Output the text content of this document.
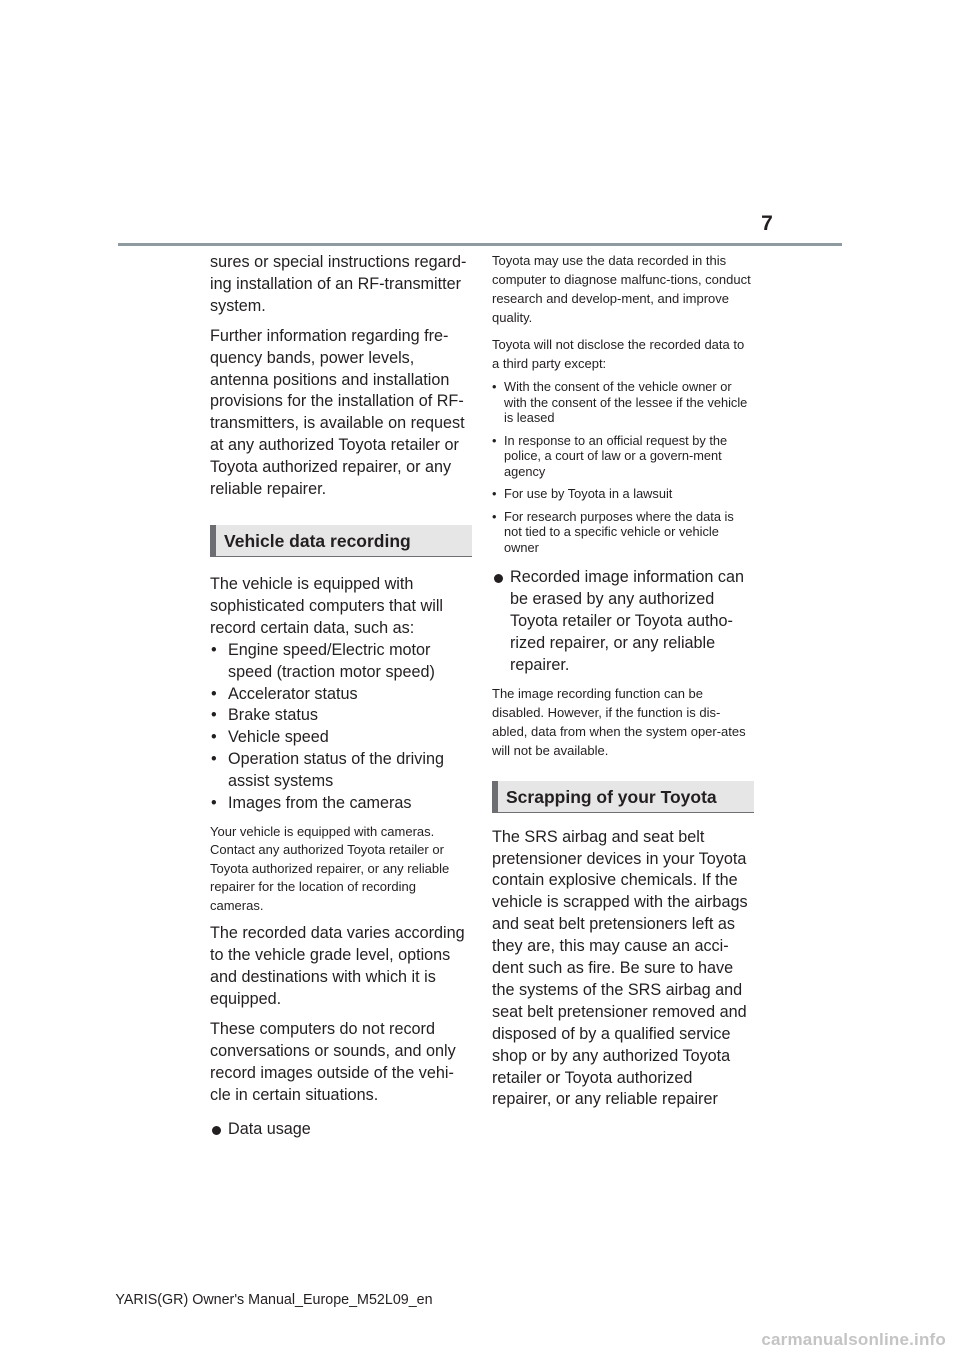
7

sures or special instructions regard-ing installation of an RF-transmitter system.

Further information regarding fre-quency bands, power levels, antenna positions and installation provisions for the installation of RF-transmitters, is available on request at any authorized Toyota retailer or Toyota authorized repairer, or any reliable repairer.

Vehicle data recording

The vehicle is equipped with sophisticated computers that will record certain data, such as:

• Engine speed/Electric motor speed (traction motor speed)
• Accelerator status
• Brake status
• Vehicle speed
• Operation status of the driving assist systems
• Images from the cameras

Your vehicle is equipped with cameras. Contact any authorized Toyota retailer or Toyota authorized repairer, or any reliable repairer for the location of recording cameras.

The recorded data varies according to the vehicle grade level, options and destinations with which it is equipped.

These computers do not record conversations or sounds, and only record images outside of the vehi-cle in certain situations.

Data usage

Toyota may use the data recorded in this computer to diagnose malfunc-tions, conduct research and develop-ment, and improve quality.

Toyota will not disclose the recorded data to a third party except:

• With the consent of the vehicle owner or with the consent of the lessee if the vehicle is leased
• In response to an official request by the police, a court of law or a govern-ment agency
• For use by Toyota in a lawsuit
• For research purposes where the data is not tied to a specific vehicle or vehicle owner
Recorded image information can be erased by any authorized Toyota retailer or Toyota autho-rized repairer, or any reliable repairer.

The image recording function can be disabled. However, if the function is dis-abled, data from when the system oper-ates will not be available.

Scrapping of your Toyota

The SRS airbag and seat belt pretensioner devices in your Toyota contain explosive chemicals. If the vehicle is scrapped with the airbags and seat belt pretensioners left as they are, this may cause an acci-dent such as fire. Be sure to have the systems of the SRS airbag and seat belt pretensioner removed and disposed of by a qualified service shop or by any authorized Toyota retailer or Toyota authorized repairer, or any reliable repairer

YARIS(GR) Owner's Manual_Europe_M52L09_en
carmanualsonline.info
